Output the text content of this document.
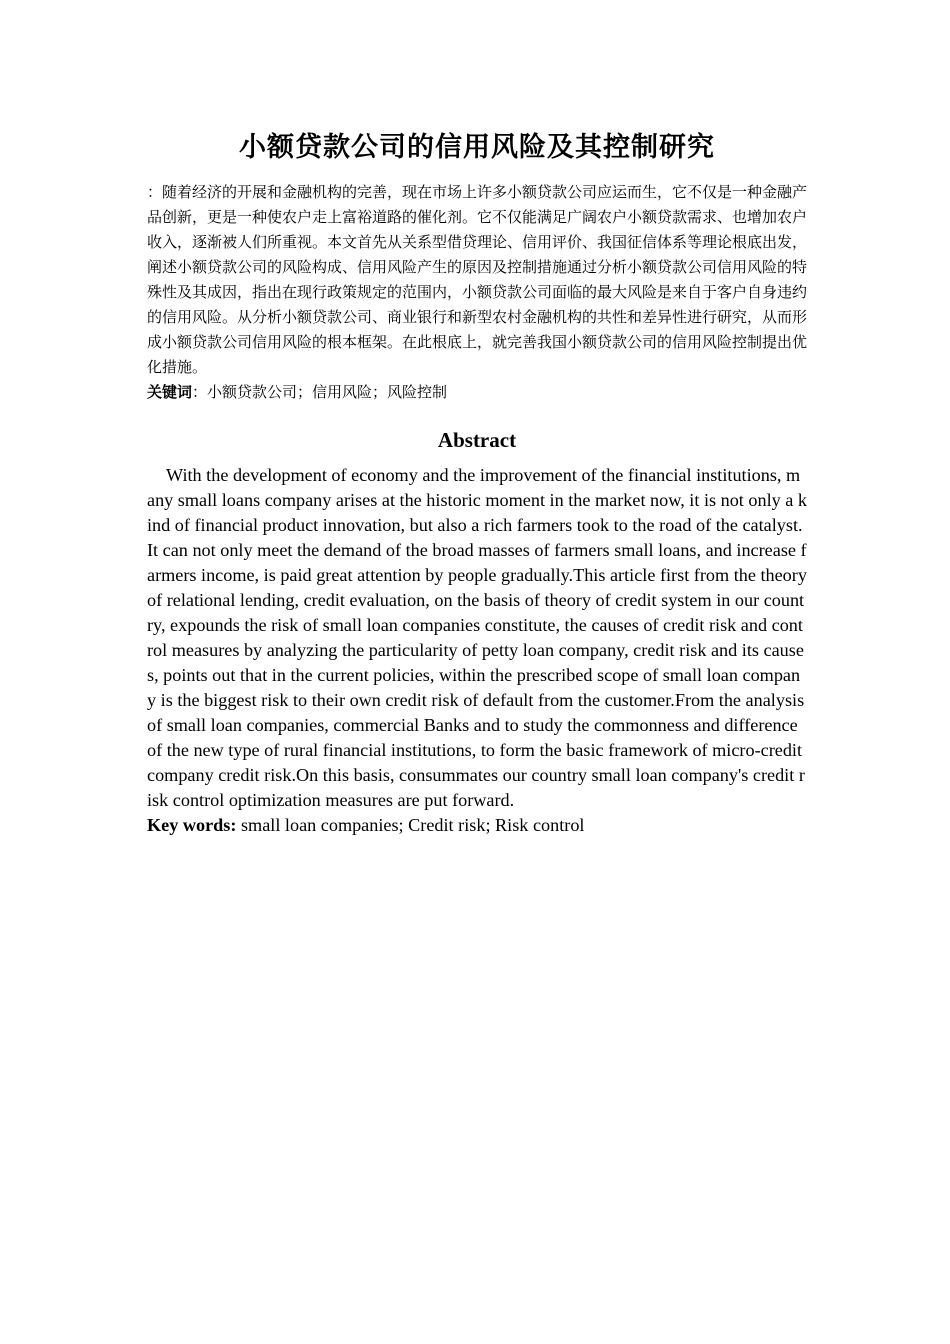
小额贷款公司的信用风险及其控制研究

：随着经济的开展和金融机构的完善，现在市场上许多小额贷款公司应运而生，它不仅是一种金融产品创新，更是一种使农户走上富裕道路的催化剂。它不仅能满足广阔农户小额贷款需求、也增加农户收入，逐渐被人们所重视。本文首先从关系型借贷理论、信用评价、我国征信体系等理论根底出发，阐述小额贷款公司的风险构成、信用风险产生的原因及控制措施通过分析小额贷款公司信用风险的特殊性及其成因，指出在现行政策规定的范围内，小额贷款公司面临的最大风险是来自于客户自身违约的信用风险。从分析小额贷款公司、商业银行和新型农村金融机构的共性和差异性进行研究，从而形成小额贷款公司信用风险的根本框架。在此根底上，就完善我国小额贷款公司的信用风险控制提出优化措施。

关键词：小额贷款公司；信用风险；风险控制

Abstract

With the development of economy and the improvement of the financial institutions, many small loans company arises at the historic moment in the market now, it is not only a kind of financial product innovation, but also a rich farmers took to the road of the catalyst.It can not only meet the demand of the broad masses of farmers small loans, and increase farmers income, is paid great attention by people gradually.This article first from the theory of relational lending, credit evaluation, on the basis of theory of credit system in our country, expounds the risk of small loan companies constitute, the causes of credit risk and control measures by analyzing the particularity of petty loan company, credit risk and its causes, points out that in the current policies, within the prescribed scope of small loan company is the biggest risk to their own credit risk of default from the customer.From the analysis of small loan companies, commercial Banks and to study the commonness and difference of the new type of rural financial institutions, to form the basic framework of micro-credit company credit risk.On this basis, consummates our country small loan company's credit risk control optimization measures are put forward.

Key words: small loan companies; Credit risk; Risk control
